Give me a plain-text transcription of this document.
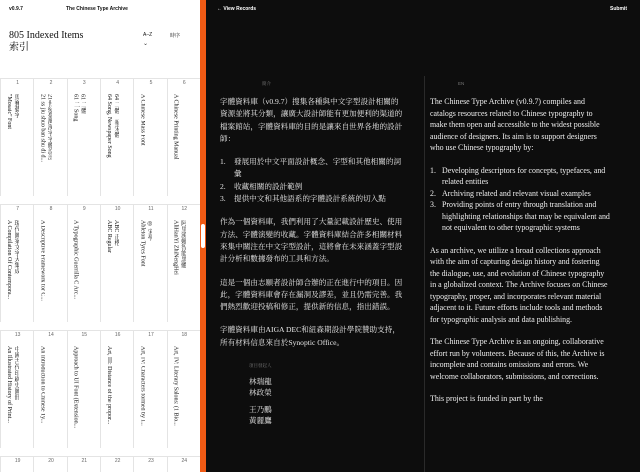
v0.9.7	The Chinese Type Archive
805 Indexed Items
索引
A–Z	時序
⌄
1
馬賽藝字
"Mosaic" Font
2
21世紀臺灣漢字字體設計
21 ss jiu shuo ban shu di d...
3
61 二體
61 二 Song
4
64 二體、報宋體
64 Song, Newspaper Song
5
A Chinese Mass Font
6
A Chinese Printing Manual
7
現代圖案文字大集成
A Compilation Of Contempora...
8
A Descriptive Framework for C...
9
A Typographic Guerrilla C Arc...
10
ABC 正楷
ABC Regular
11
◎ 宋學
Ableton Tyres Font
12
阿里漢娜智能黑體
AliHanYi ZhiNengHei
13
中國古代印刷史圖冊
An Illustrated History of Print...
14
An Introduction to Chinese Ty...
15
Approach to UI Font (Extension...
16
Art, III: Distance of the propor...
17
Art, IV: Characters formed by l...
18
Art, IV: Literary Salons: (1 Bio...
19	20	21	22	23	24
← View Records	Submit
簡介	EN

字體資料庫（v0.9.7）搜集各種與中文字型設計相關的資源並將其分類，讓廣大設計師能有更加便利的渠道的檔案館站，字體資料庫的目的是讓來自世界各地的設計師：

1. 發展用於中文平面設計概念、字型和其他相關的詞彙
2. 收藏相關的設計範例
3. 提供中文和其他語系的字體設計系統的切入點

作為一個資料庫，我們利用了大量記載設計歷史、使用方法、字體演變的收藏。字體資料庫結合許多相關材料來集中關注在中文字型設計，這將會在未來涵蓋字型設計分析和數據發布的工具和方法。

這是一個由志願者設計師合辦的正在進行中的項目。因此，字體資料庫會存在漏洞及謬差，並且仍需完善。我們熱烈歡迎投稿和修正，提供新的信息，指出錯誤。

字體資料庫由AIGA DEC和紐森期設計學院贊助支持，所有材料信息來自於Synoptic Office。

項目發起人
林瑞龍
林政榮
王乃鵬
黃麗鷹

The Chinese Type Archive (v0.9.7) compiles and catalogs resources related to Chinese typography to make them open and accessible to the widest possible audience of designers. Its aim is to support designers who use Chinese typography by:

1. Developing descriptors for concepts, typefaces, and related entities
2. Archiving related and relevant visual examples
3. Providing points of entry through translation and highlighting relationships that may be equivalent and not equivalent to other typographic systems

As an archive, we utilize a broad collections approach with the aim of capturing design history and fostering the dialogue, use, and evolution of Chinese typography in a globalized context. The Archive focuses on Chinese typography, proper, and incorporates relevant material adjacent to it. Future efforts include tools and methods for typographic analysis and data publishing.

The Chinese Type Archive is an ongoing, collaborative effort run by volunteers. Because of this, the Archive is incomplete and contains omissions and errors. We welcome collaborators, submissions, and corrections.

This project is funded in part by the
